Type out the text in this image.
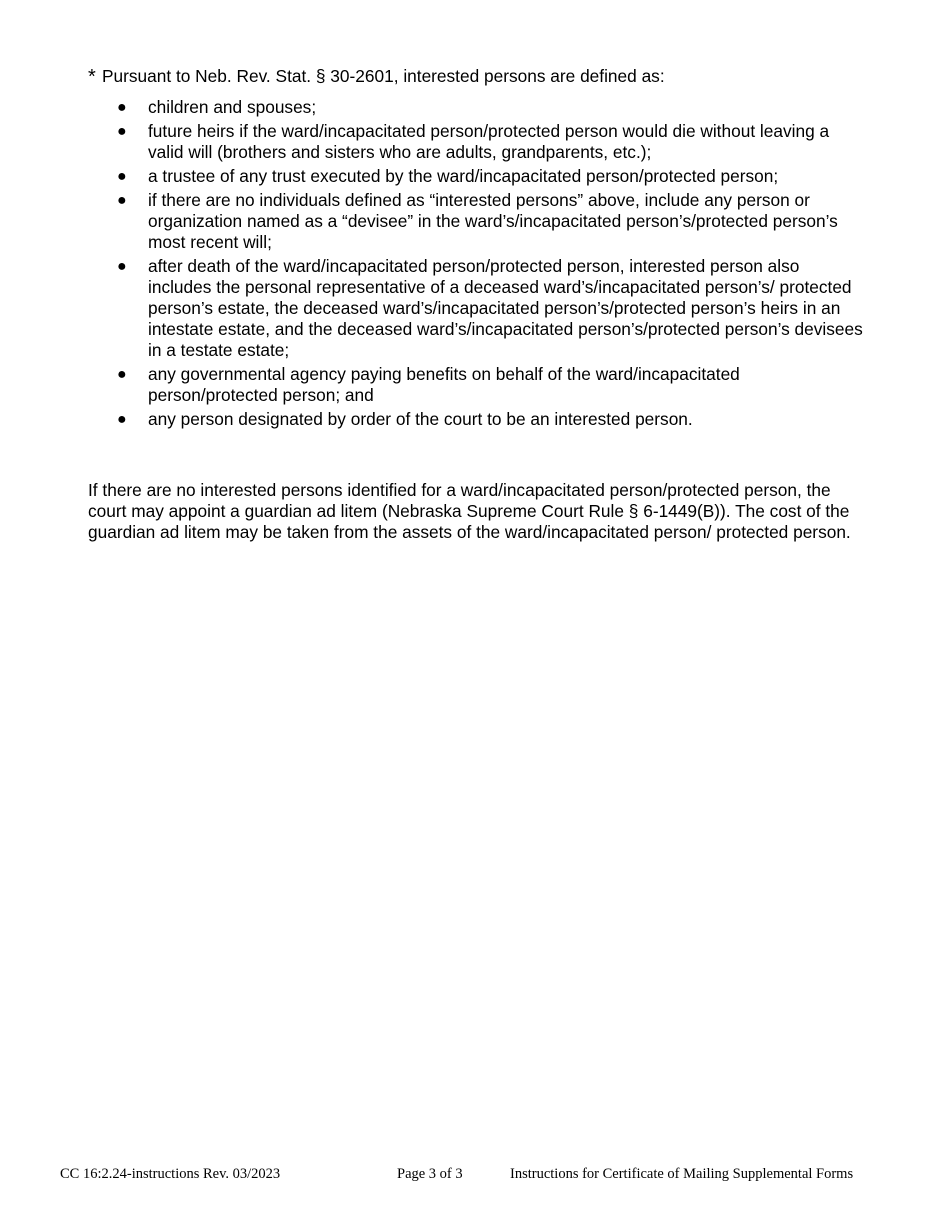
* Pursuant to Neb. Rev. Stat. § 30-2601, interested persons are defined as:
● children and spouses;
● future heirs if the ward/incapacitated person/protected person would die without leaving a valid will (brothers and sisters who are adults, grandparents, etc.);
● a trustee of any trust executed by the ward/incapacitated person/protected person;
● if there are no individuals defined as “interested persons” above, include any person or organization named as a “devisee” in the ward’s/incapacitated person’s/protected person’s most recent will;
● after death of the ward/incapacitated person/protected person, interested person also includes the personal representative of a deceased ward’s/incapacitated person’s/ protected person’s estate, the deceased ward’s/incapacitated person’s/protected person’s heirs in an intestate estate, and the deceased ward’s/incapacitated person’s/protected person’s devisees in a testate estate;
● any governmental agency paying benefits on behalf of the ward/incapacitated person/protected person; and
● any person designated by order of the court to be an interested person.

If there are no interested persons identified for a ward/incapacitated person/protected person, the court may appoint a guardian ad litem (Nebraska Supreme Court Rule § 6-1449(B)). The cost of the guardian ad litem may be taken from the assets of the ward/incapacitated person/ protected person.

CC 16:2.24-instructions Rev. 03/2023	Page 3 of 3	Instructions for Certificate of Mailing Supplemental Forms
